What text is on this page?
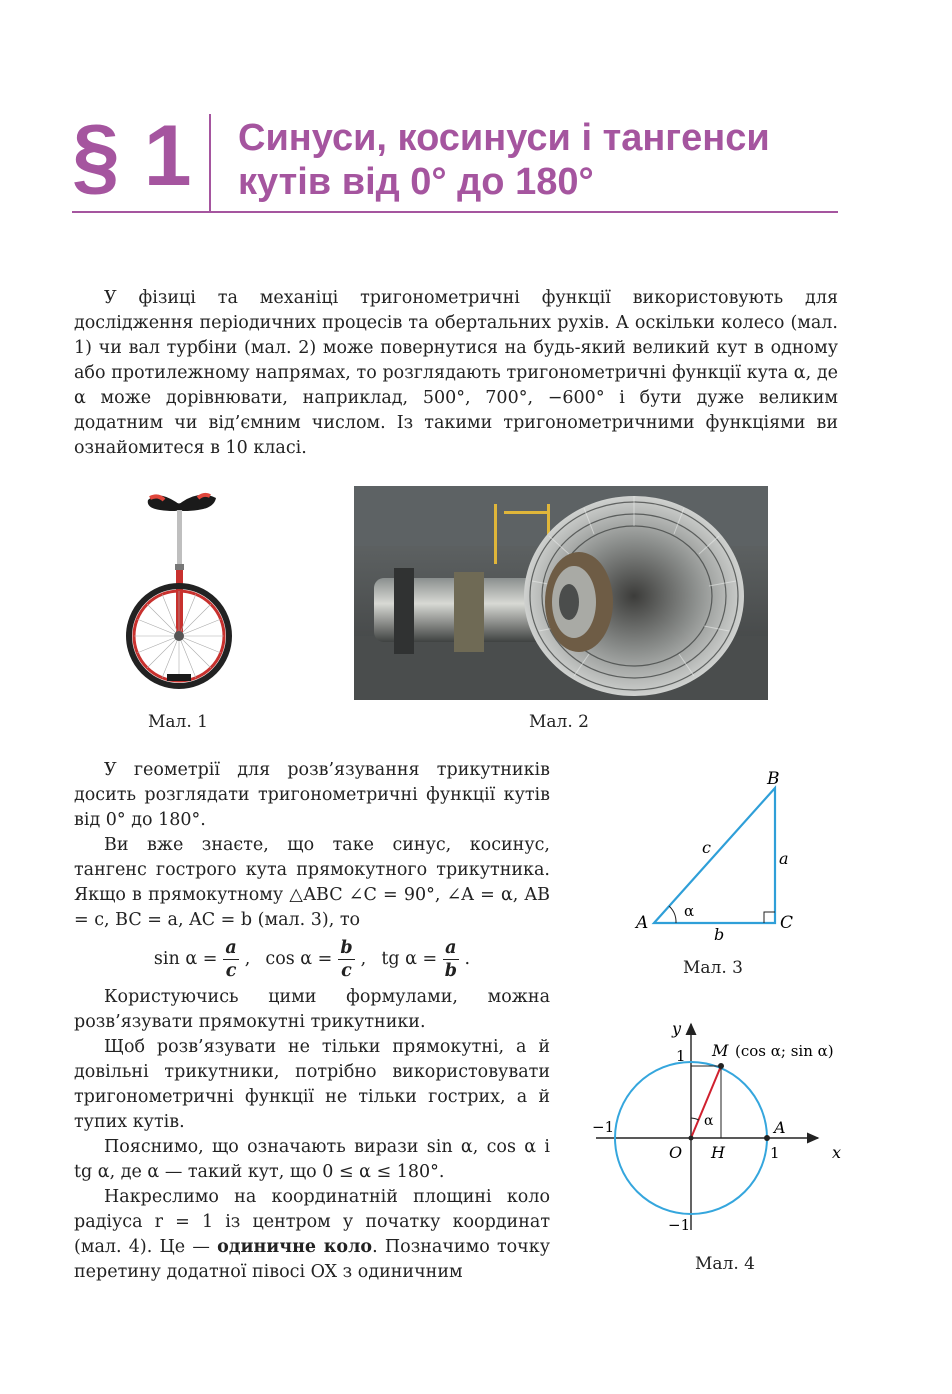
§ 1 Синуси, косинуси і тангенси
кутів від 0° до 180°

У фізиці та механіці тригонометричні функції використовують для дослідження періодичних процесів та обертальних рухів. А оскільки колесо (мал. 1) чи вал турбіни (мал. 2) може повернутися на будь-який великий кут в одному або протилежному напрямах, то розглядають тригонометричні функції кута α, де α може дорівнювати, наприклад, 500°, 700°, −600° і бути дуже великим додатним чи від’ємним числом. Із такими тригонометричними функціями ви ознайомитеся в 10 класі.

Мал. 1	Мал. 2

У геометрії для розв’язування трикутників досить розглядати тригонометричні функції кутів від 0° до 180°.

Ви вже знаєте, що таке синус, косинус, тангенс гострого кута прямокутного трикутника. Якщо в прямокутному △ABC ∠C = 90°, ∠A = α, AB = c, BC = a, AC = b (мал. 3), то

$\sin \alpha = \frac{a}{c}$ , $\cos \alpha = \frac{b}{c}$ , tg $\alpha = \frac{a}{b}$ .

Користуючись цими формулами, можна розв’язувати прямокутні трикутники.

Щоб розв’язувати не тільки прямокутні, а й довільні трикутники, потрібно використовувати тригонометричні функції не тільки гострих, а й тупих кутів.

Пояснимо, що означають вирази sin α, cos α і tg α, де α — такий кут, що 0 ≤ α ≤ 180°.

Накреслимо на координатній площині коло радіуса r = 1 із центром у початку координат (мал. 4). Це — одиничне коло. Позначимо точку перетину додатної півосі OX з одиничним

A
B
C
a
b
c
α
Мал. 3
y
x
O H
A
M (cos α; sin α)
α
1
−1
1
−1
Мал. 4
